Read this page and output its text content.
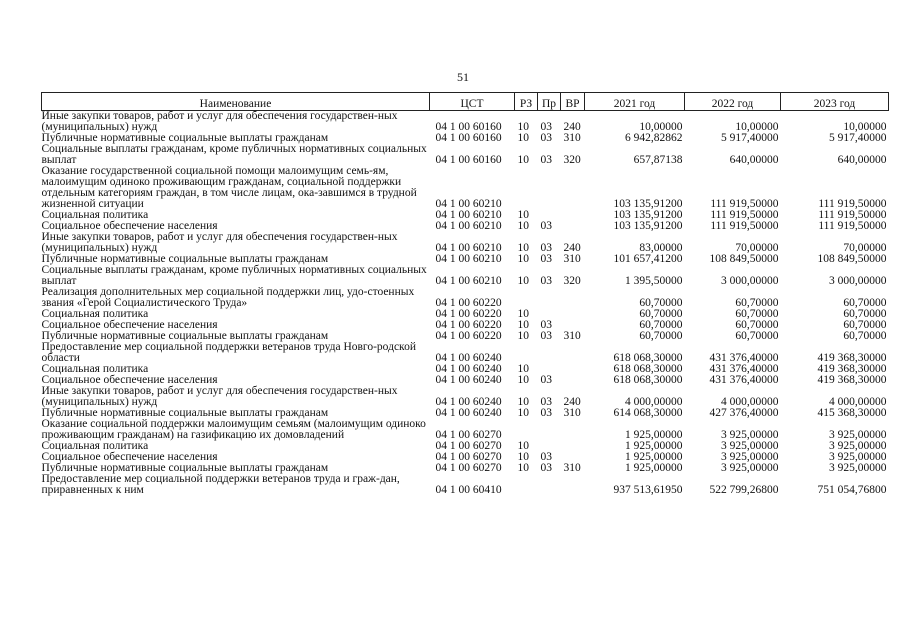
51
Наименование	ЦСТ	РЗ	Пр	ВР	2021 год	2022 год	2023 год
Иные закупки товаров, работ и услуг для обеспечения государствен-ных (муниципальных) нужд	04 1 00 60160	10	03	240	10,00000	10,00000	10,00000
Публичные нормативные социальные выплаты гражданам	04 1 00 60160	10	03	310	6 942,82862	5 917,40000	5 917,40000
Социальные выплаты гражданам, кроме публичных нормативных социальных выплат	04 1 00 60160	10	03	320	657,87138	640,00000	640,00000
Оказание государственной социальной помощи малоимущим семь-ям, малоимущим одиноко проживающим гражданам, социальной поддержки отдельным категориям граждан, в том числе лицам, ока-завшимся в трудной жизненной ситуации	04 1 00 60210				103 135,91200	111 919,50000	111 919,50000
Социальная политика	04 1 00 60210	10			103 135,91200	111 919,50000	111 919,50000
Социальное обеспечение населения	04 1 00 60210	10	03		103 135,91200	111 919,50000	111 919,50000
Иные закупки товаров, работ и услуг для обеспечения государствен-ных (муниципальных) нужд	04 1 00 60210	10	03	240	83,00000	70,00000	70,00000
Публичные нормативные социальные выплаты гражданам	04 1 00 60210	10	03	310	101 657,41200	108 849,50000	108 849,50000
Социальные выплаты гражданам, кроме публичных нормативных социальных выплат	04 1 00 60210	10	03	320	1 395,50000	3 000,00000	3 000,00000
Реализация дополнительных мер социальной поддержки лиц, удо-стоенных звания «Герой Социалистического Труда»	04 1 00 60220				60,70000	60,70000	60,70000
Социальная политика	04 1 00 60220	10			60,70000	60,70000	60,70000
Социальное обеспечение населения	04 1 00 60220	10	03		60,70000	60,70000	60,70000
Публичные нормативные социальные выплаты гражданам	04 1 00 60220	10	03	310	60,70000	60,70000	60,70000
Предоставление мер социальной поддержки ветеранов труда Новго-родской области	04 1 00 60240				618 068,30000	431 376,40000	419 368,30000
Социальная политика	04 1 00 60240	10			618 068,30000	431 376,40000	419 368,30000
Социальное обеспечение населения	04 1 00 60240	10	03		618 068,30000	431 376,40000	419 368,30000
Иные закупки товаров, работ и услуг для обеспечения государствен-ных (муниципальных) нужд	04 1 00 60240	10	03	240	4 000,00000	4 000,00000	4 000,00000
Публичные нормативные социальные выплаты гражданам	04 1 00 60240	10	03	310	614 068,30000	427 376,40000	415 368,30000
Оказание социальной поддержки малоимущим семьям (малоимущим одиноко проживающим гражданам) на газификацию их домовладений	04 1 00 60270				1 925,00000	3 925,00000	3 925,00000
Социальная политика	04 1 00 60270	10			1 925,00000	3 925,00000	3 925,00000
Социальное обеспечение населения	04 1 00 60270	10	03		1 925,00000	3 925,00000	3 925,00000
Публичные нормативные социальные выплаты гражданам	04 1 00 60270	10	03	310	1 925,00000	3 925,00000	3 925,00000
Предоставление мер социальной поддержки ветеранов труда и граж-дан, приравненных к ним	04 1 00 60410				937 513,61950	522 799,26800	751 054,76800
